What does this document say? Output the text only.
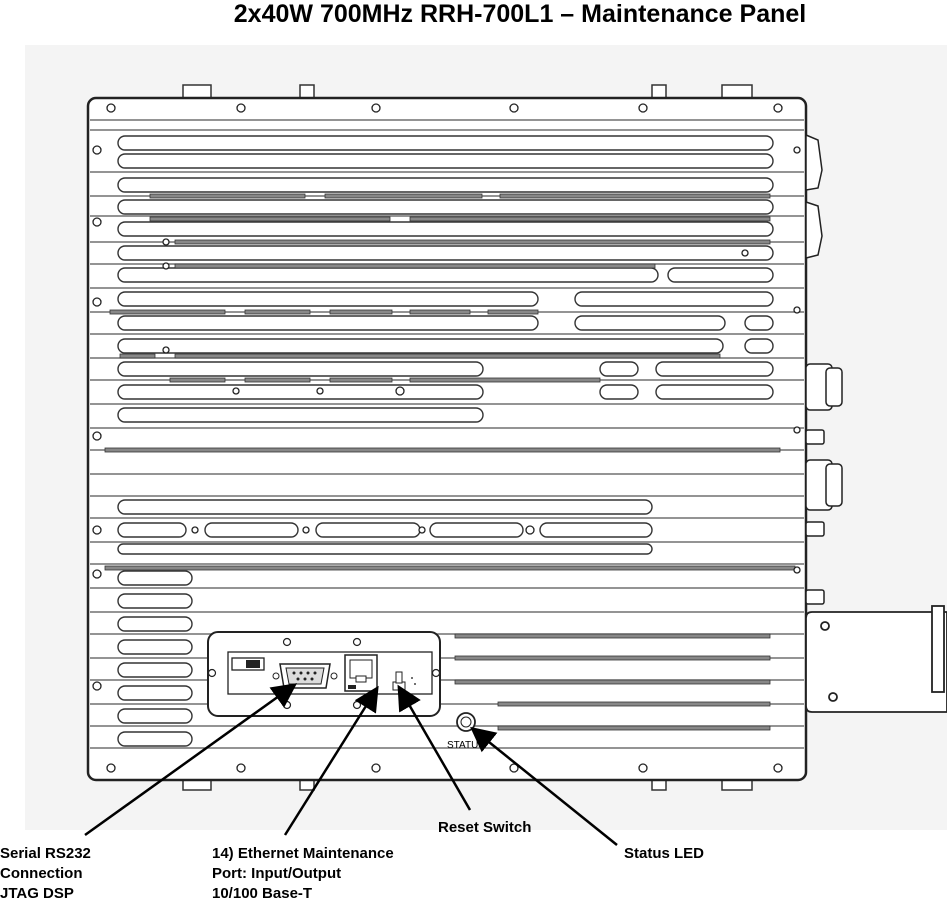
2x40W 700MHz RRH-700L1 – Maintenance Panel
STATUS
Serial RS232
Connection
JTAG DSP
14) Ethernet Maintenance
Port: Input/Output
10/100 Base-T
Reset Switch
Status LED
